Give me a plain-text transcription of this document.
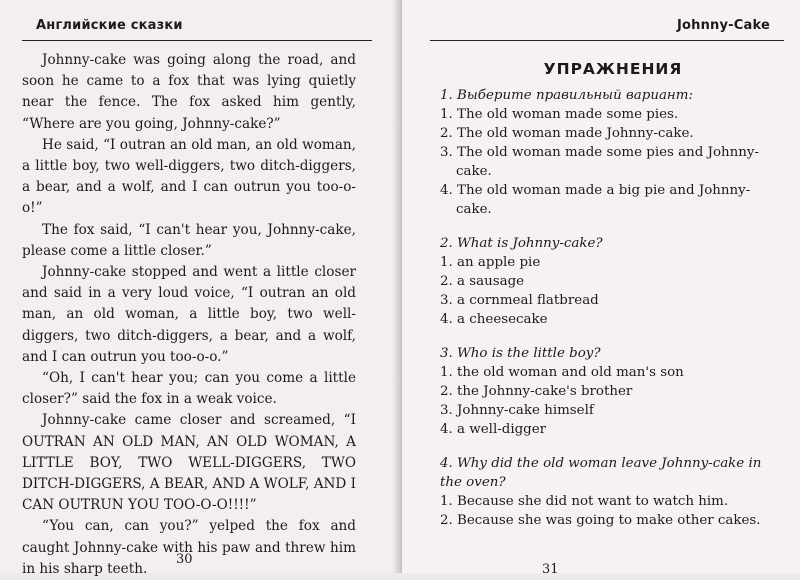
Английские сказки

Johnny-cake was going along the road, and soon he came to a fox that was lying quietly near the fence. The fox asked him gently, “Where are you going, Johnny-cake?”

He said, “I outran an old man, an old woman, a little boy, two well-diggers, two ditch-diggers, a bear, and a wolf, and I can outrun you too-o-o!”

The fox said, “I can't hear you, Johnny-cake, please come a little closer.”

Johnny-cake stopped and went a little closer and said in a very loud voice, “I outran an old man, an old woman, a little boy, two well-diggers, two ditch-diggers, a bear, and a wolf, and I can outrun you too-o-o.”

“Oh, I can't hear you; can you come a little closer?” said the fox in a weak voice.

Johnny-cake came closer and screamed, “I OUTRAN AN OLD MAN, AN OLD WOMAN, A LITTLE BOY, TWO WELL-DIGGERS, TWO DITCH-DIGGERS, A BEAR, AND A WOLF, AND I CAN OUTRUN YOU TOO-O-O!!!!”

“You can, can you?” yelped the fox and caught Johnny-cake with his paw and threw him in his sharp teeth.

30
Johnny-Cake
УПРАЖНЕНИЯ

1. Выберите правильный вариант:

1. The old woman made some pies.

2. The old woman made Johnny-cake.

3. The old woman made some pies and Johnny-

cake.

4. The old woman made a big pie and Johnny-

cake.

2. What is Johnny-cake?

1. an apple pie

2. a sausage

3. a cornmeal flatbread

4. a cheesecake

3. Who is the little boy?

1. the old woman and old man's son

2. the Johnny-cake's brother

3. Johnny-cake himself

4. a well-digger

4. Why did the old woman leave Johnny-cake in the oven?

1. Because she did not want to watch him.

2. Because she was going to make other cakes.

31
